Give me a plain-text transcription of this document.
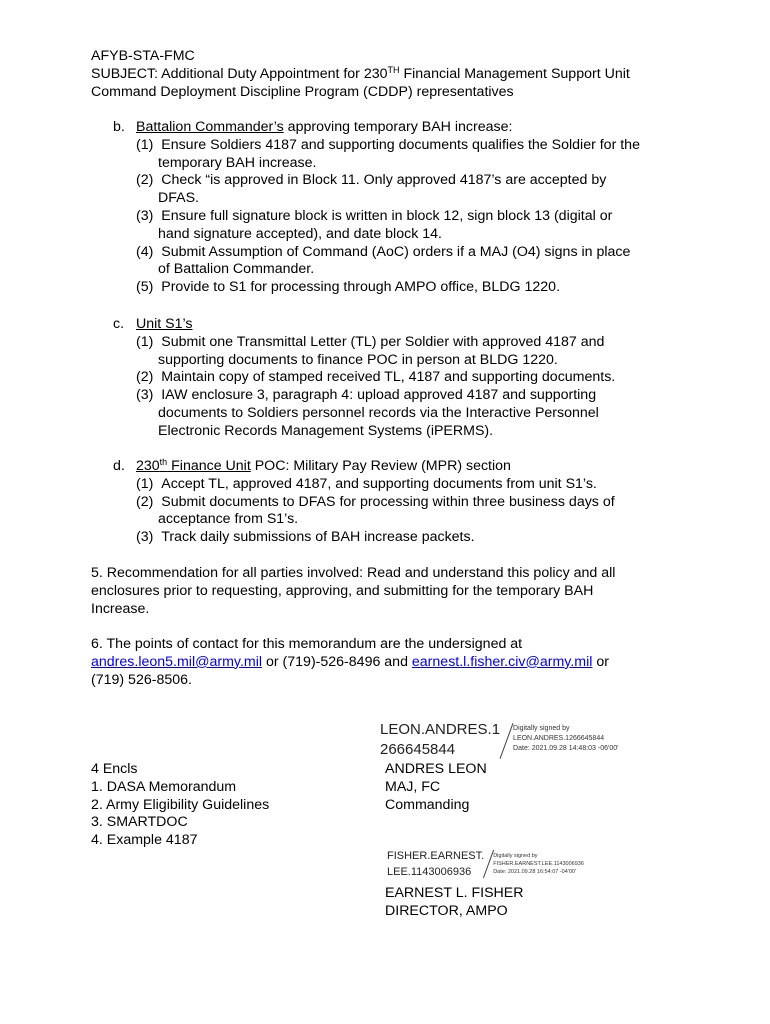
AFYB-STA-FMC
SUBJECT: Additional Duty Appointment for 230TH Financial Management Support Unit
Command Deployment Discipline Program (CDDP) representatives
b. Battalion Commander’s approving temporary BAH increase:
(1) Ensure Soldiers 4187 and supporting documents qualifies the Soldier for the
temporary BAH increase.
(2) Check “is approved in Block 11. Only approved 4187’s are accepted by
DFAS.
(3) Ensure full signature block is written in block 12, sign block 13 (digital or
hand signature accepted), and date block 14.
(4) Submit Assumption of Command (AoC) orders if a MAJ (O4) signs in place
of Battalion Commander.
(5) Provide to S1 for processing through AMPO office, BLDG 1220.
c. Unit S1’s
(1) Submit one Transmittal Letter (TL) per Soldier with approved 4187 and
supporting documents to finance POC in person at BLDG 1220.
(2) Maintain copy of stamped received TL, 4187 and supporting documents.
(3) IAW enclosure 3, paragraph 4: upload approved 4187 and supporting
documents to Soldiers personnel records via the Interactive Personnel
Electronic Records Management Systems (iPERMS).
d. 230th Finance Unit POC: Military Pay Review (MPR) section
(1) Accept TL, approved 4187, and supporting documents from unit S1’s.
(2) Submit documents to DFAS for processing within three business days of
acceptance from S1’s.
(3) Track daily submissions of BAH increase packets.
5. Recommendation for all parties involved: Read and understand this policy and all
enclosures prior to requesting, approving, and submitting for the temporary BAH
Increase.
6. The points of contact for this memorandum are the undersigned at
andres.leon5.mil@army.mil or (719)-526-8496 and earnest.l.fisher.civ@army.mil or
(719) 526-8506.
LEON.ANDRES.1
266645844
Digitally signed by
LEON.ANDRES.1266645844
Date: 2021.09.28 14:48:03 -06'00'
4 Encls
1. DASA Memorandum
2. Army Eligibility Guidelines
3. SMARTDOC
4. Example 4187
ANDRES LEON
MAJ, FC
Commanding
FISHER.EARNEST.
LEE.1143006936
Digitally signed by
FISHER.EARNEST.LEE.1143006936
Date: 2021.09.28 16:54:07 -04'00'
EARNEST L. FISHER
DIRECTOR, AMPO
